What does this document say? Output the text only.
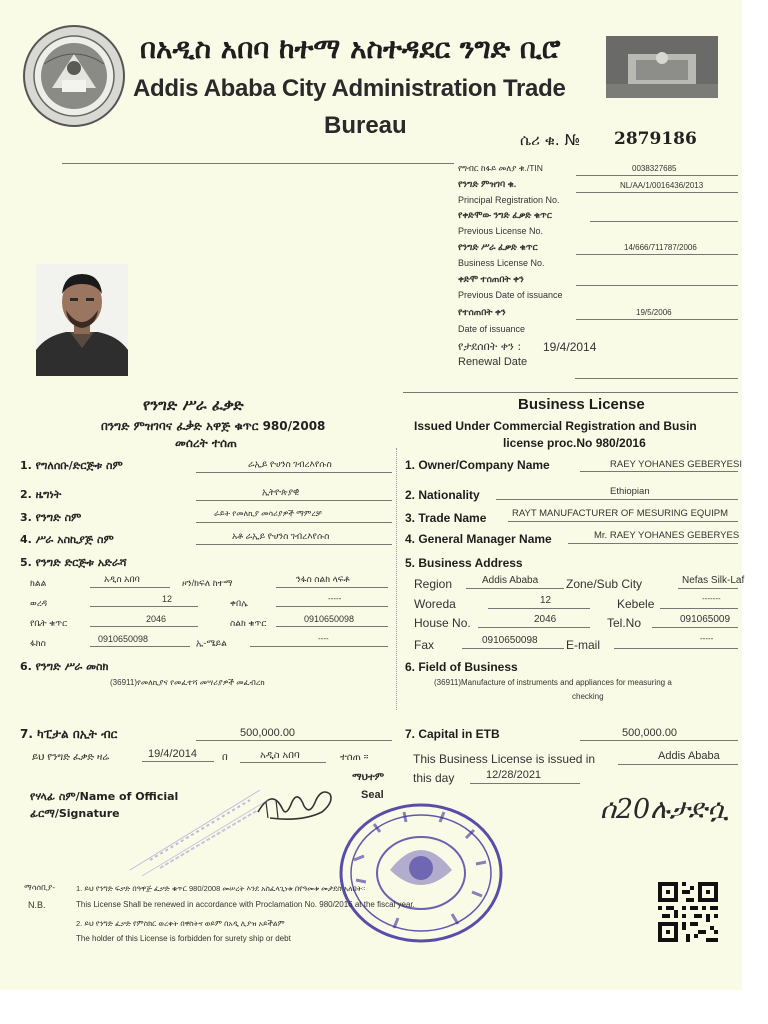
በአዲስ አበባ ከተማ አስተዳደር ንግድ ቢሮ
Addis Ababa City Administration Trade
Bureau
ሴሪ ቁ. № 2879186
የግብር ከፋይ መለያ ቁ./TIN	0038327685
የንግድ ምዝገባ ቁ.	NL/AA/1/0016436/2013
Principal Registration No.
የቀድሞው ንግድ ፈቃድ ቁጥር
Previous License No.
የንግድ ሥራ ፈቃድ ቁጥር	14/666/711787/2006
Business License No.
ቀድሞ ተሰጠበት ቀን
Previous Date of issuance
የተሰጠበት ቀን	19/5/2006
Date of issuance
የታደሰበት ቀን : 19/4/2014
Renewal Date
የንግድ ሥራ ፈቃድ
በንግድ ምዝገባና ፈቃድ አዋጅ ቁጥር 980/2008
መሰረት ተሰጠ
Business License
Issued Under Commercial Registration and Busin
license proc.No 980/2016
1. የግለሰቡ/ድርጅቱ ስም	ራኢይ ዮሀንስ ገብረእየሱስ	1. Owner/Company Name	RAEY YOHANES GEBERYESI
2. ዜግነት	ኢትዮጵያዊ	2. Nationality	Ethiopian
3. የንግድ ስም	ራይት የመለኪያ መሳሪያዎች ማምረቻ	3. Trade Name	RAYT MANUFACTURER OF MESURING EQUIPM
4. ሥራ አስኪያጅ ስም	አቶ ራኢይ ዮሀንስ ገብረእየሱስ	4. General Manager Name	Mr. RAEY YOHANES GEBERYES
5. የንግድ ድርጅቱ አድራሻ	5. Business Address
ክልል	አዲስ አበባ	ዞን/ክፍለ ከተማ	ንፋስ ስልክ ላፍቶ
ወረዳ	12	ቀበሌ	-----
የቤት ቁጥር	2046	ስልክ ቁጥር	0910650098
ፋክስ	0910650098	ኢ-ሜይል	----
Region	Addis Ababa Zone/Sub City	Nefas Silk-Laf
Woreda	12	Kebele	-------
House No.	2046	Tel.No	091065009
Fax	0910650098 E-mail	-----
6. የንግድ ሥራ መስክ
(36911)የመለኪያና የመፈተሻ መሣሪያዎች መፈብረክ
6. Field of Business
(36911)Manufacture of instruments and appliances for measuring a
checking
7. ካፒታል በኢት ብር	500,000.00	7. Capital in ETB	500,000.00
ይህ የንግድ ፈቃድ ዛሬ	19/4/2014	በ	አዲስ አበባ	ተሰጠ ።	This Business License is issued in	Addis Ababa
this day	12/28/2021
ማህተም
Seal
የሃላፊ ስም/Name of Official
ፊርማ/Signature	ሰ20ሉታድሷ
ማሳሰቢያ-
N.B.
1. ይህ የንግድ ፍቃድ በዓዋጅ ፈቃድ ቁጥር 980/2008 መሠረት እንደ አስፈላጊነቱ በየዓመቱ መታደስ አለበት።
This License Shall be renewed in accordance with Proclamation No. 980/2016 at the fiscal year.
2. ይህ የንግድ ፈቃድ የምስክር ወረቀት በዋስትና ወይም በአዲ ሊያዝ አይችልም
The holder of this License is forbidden for surety ship or debt
